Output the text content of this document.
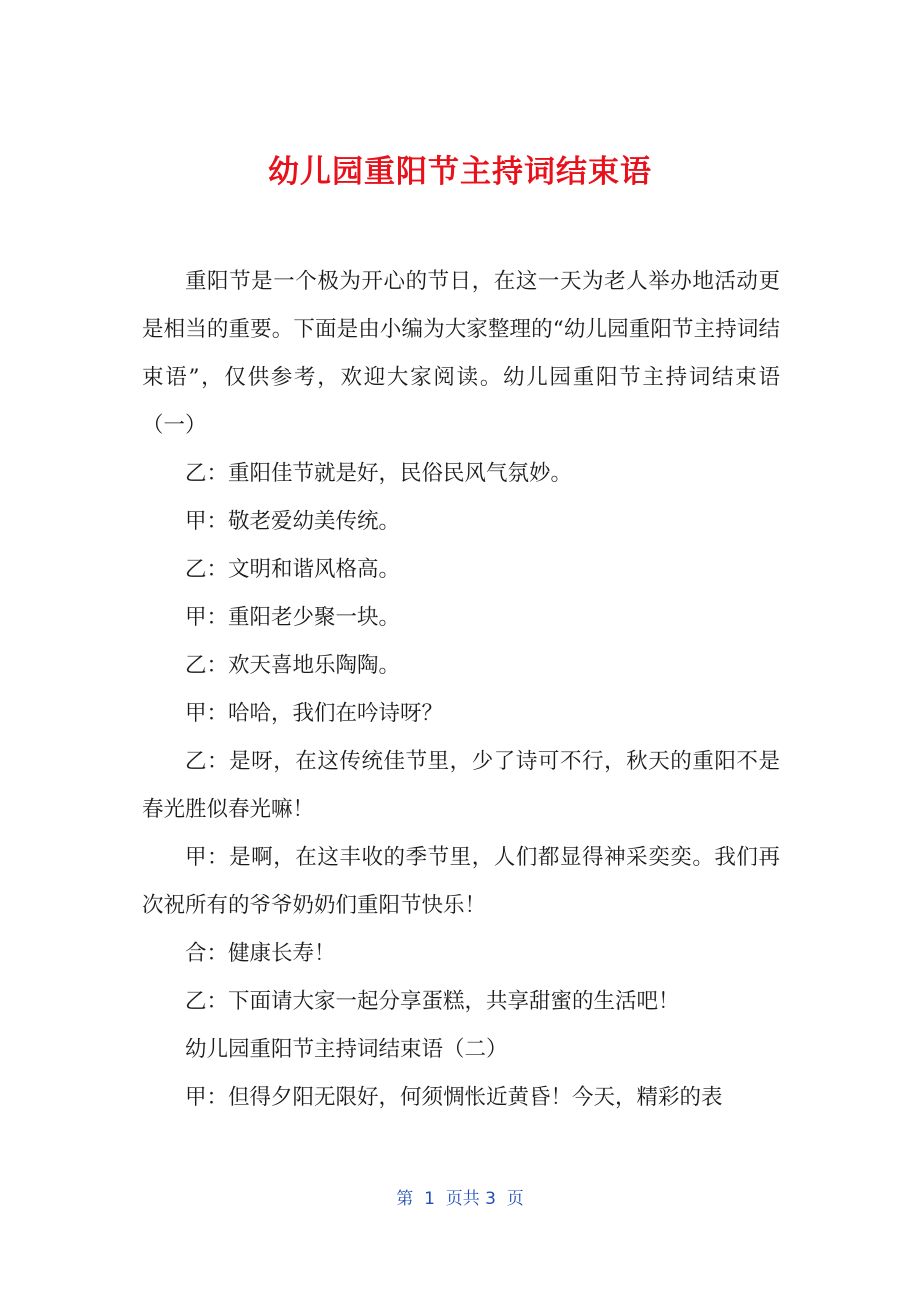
幼儿园重阳节主持词结束语

重阳节是一个极为开心的节日，在这一天为老人举办地活动更是相当的重要。下面是由小编为大家整理的“幼儿园重阳节主持词结束语”，仅供参考，欢迎大家阅读。幼儿园重阳节主持词结束语（一）

乙：重阳佳节就是好，民俗民风气氛妙。

甲：敬老爱幼美传统。

乙：文明和谐风格高。

甲：重阳老少聚一块。

乙：欢天喜地乐陶陶。

甲：哈哈，我们在吟诗呀？

乙：是呀，在这传统佳节里，少了诗可不行，秋天的重阳不是春光胜似春光嘛！

甲：是啊，在这丰收的季节里，人们都显得神采奕奕。我们再次祝所有的爷爷奶奶们重阳节快乐！

合：健康长寿！

乙：下面请大家一起分享蛋糕，共享甜蜜的生活吧！

幼儿园重阳节主持词结束语（二）

甲：但得夕阳无限好，何须惆怅近黄昏！今天，精彩的表

第  1  页共 3  页
